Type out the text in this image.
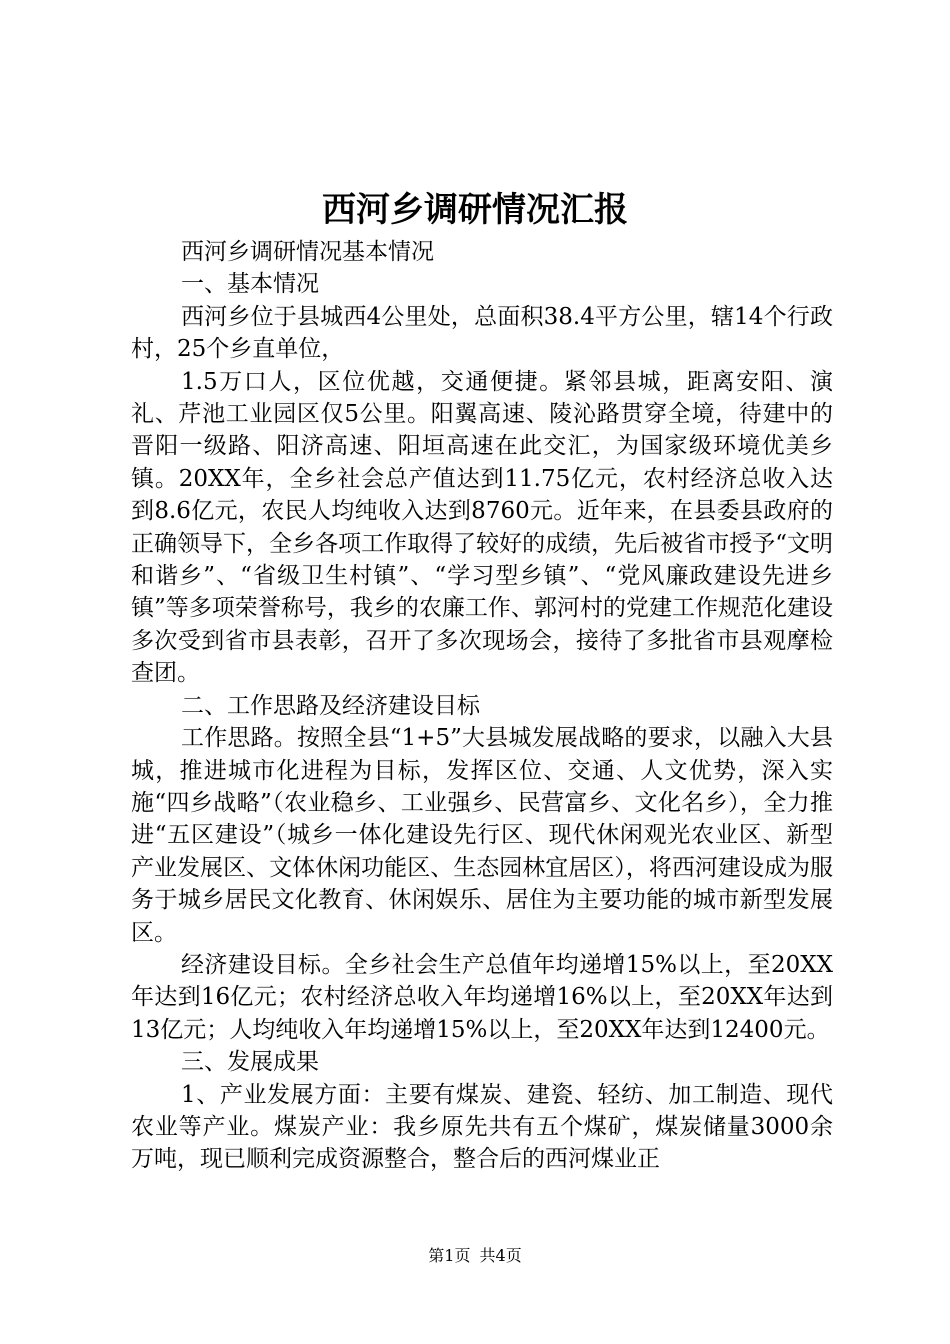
西河乡调研情况汇报

西河乡调研情况基本情况

一、基本情况

西河乡位于县城西4公里处，总面积38.4平方公里，辖14个行政村，25个乡直单位，

1.5万口人，区位优越，交通便捷。紧邻县城，距离安阳、演礼、芹池工业园区仅5公里。阳翼高速、陵沁路贯穿全境，待建中的晋阳一级路、阳济高速、阳垣高速在此交汇，为国家级环境优美乡镇。20XX年，全乡社会总产值达到11.75亿元，农村经济总收入达到8.6亿元，农民人均纯收入达到8760元。近年来，在县委县政府的正确领导下，全乡各项工作取得了较好的成绩，先后被省市授予“文明和谐乡”、“省级卫生村镇”、“学习型乡镇”、“党风廉政建设先进乡镇”等多项荣誉称号，我乡的农廉工作、郭河村的党建工作规范化建设多次受到省市县表彰，召开了多次现场会，接待了多批省市县观摩检查团。

二、工作思路及经济建设目标

工作思路。按照全县“1+5”大县城发展战略的要求，以融入大县城，推进城市化进程为目标，发挥区位、交通、人文优势，深入实施“四乡战略”（农业稳乡、工业强乡、民营富乡、文化名乡），全力推进“五区建设”（城乡一体化建设先行区、现代休闲观光农业区、新型产业发展区、文体休闲功能区、生态园林宜居区），将西河建设成为服务于城乡居民文化教育、休闲娱乐、居住为主要功能的城市新型发展区。

经济建设目标。全乡社会生产总值年均递增15%以上，至20XX年达到16亿元；农村经济总收入年均递增16%以上，至20XX年达到13亿元；人均纯收入年均递增15%以上，至20XX年达到12400元。

三、发展成果

1、产业发展方面：主要有煤炭、建瓷、轻纺、加工制造、现代农业等产业。煤炭产业：我乡原先共有五个煤矿，煤炭储量3000余万吨，现已顺利完成资源整合，整合后的西河煤业正

第1页 共4页
